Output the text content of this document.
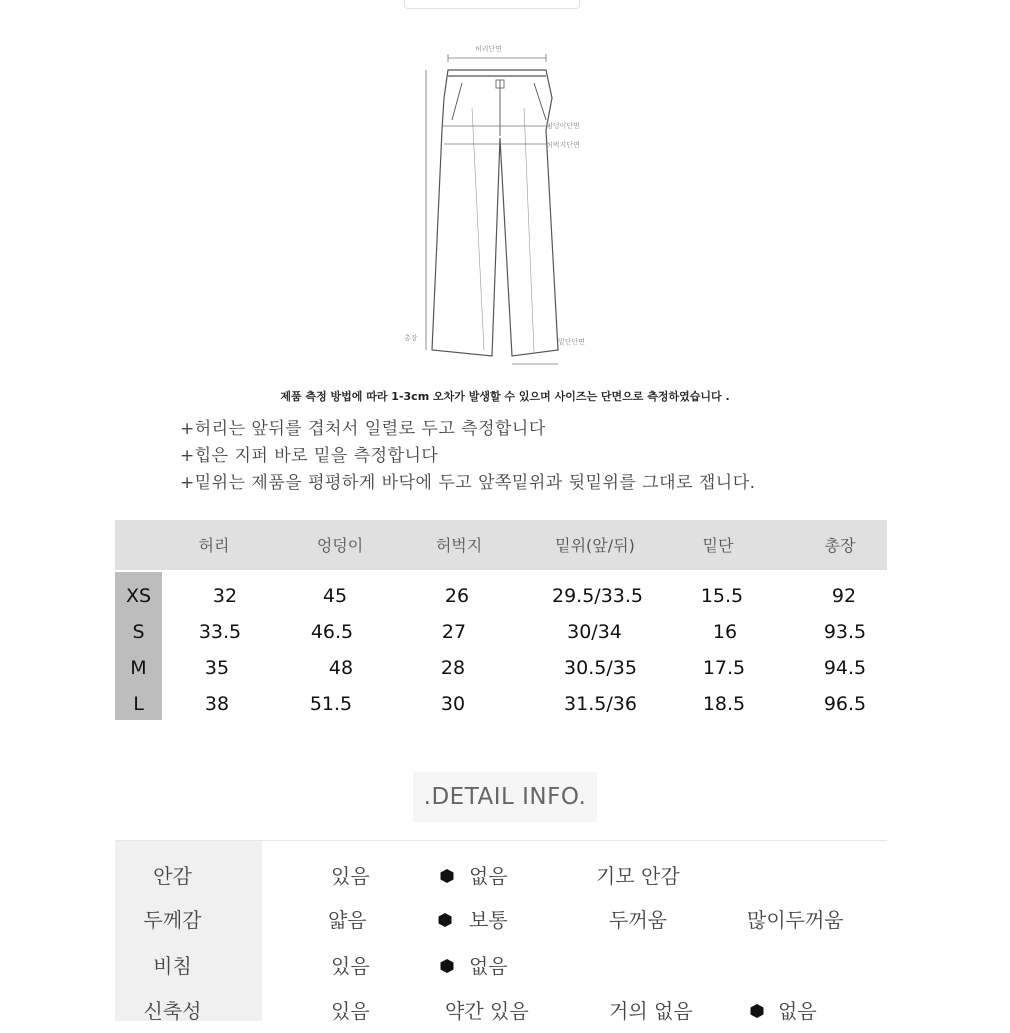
허리단면
엉덩이단면
허벅지단면
총장	밑단단면
제품 측정 방법에 따라 1-3cm 오차가 발생할 수 있으며 사이즈는 단면으로 측정하였습니다 .
+허리는 앞뒤를 겹처서 일렬로 두고 측정합니다
+힙은 지퍼 바로 밑을 측정합니다
+밑위는 제품을 평평하게 바닥에 두고 앞쪽밑위과 뒷밑위를 그대로 잽니다.
허리	엉덩이	허벅지	밑위(앞/뒤)	밑단	총장
XS	32	45	26	29.5/33.5	15.5	92
S	33.5	46.5	27	30/34	16	93.5
M	35	48	28	30.5/35	17.5	94.5
L	38	51.5	30	31.5/36	18.5	96.5
.DETAIL INFO.
안감	있음	없음	기모 안감
두께감	얇음	보통	두꺼움	많이두꺼움
비침	있음	없음
신축성	있음	약간 있음	거의 없음	없음
